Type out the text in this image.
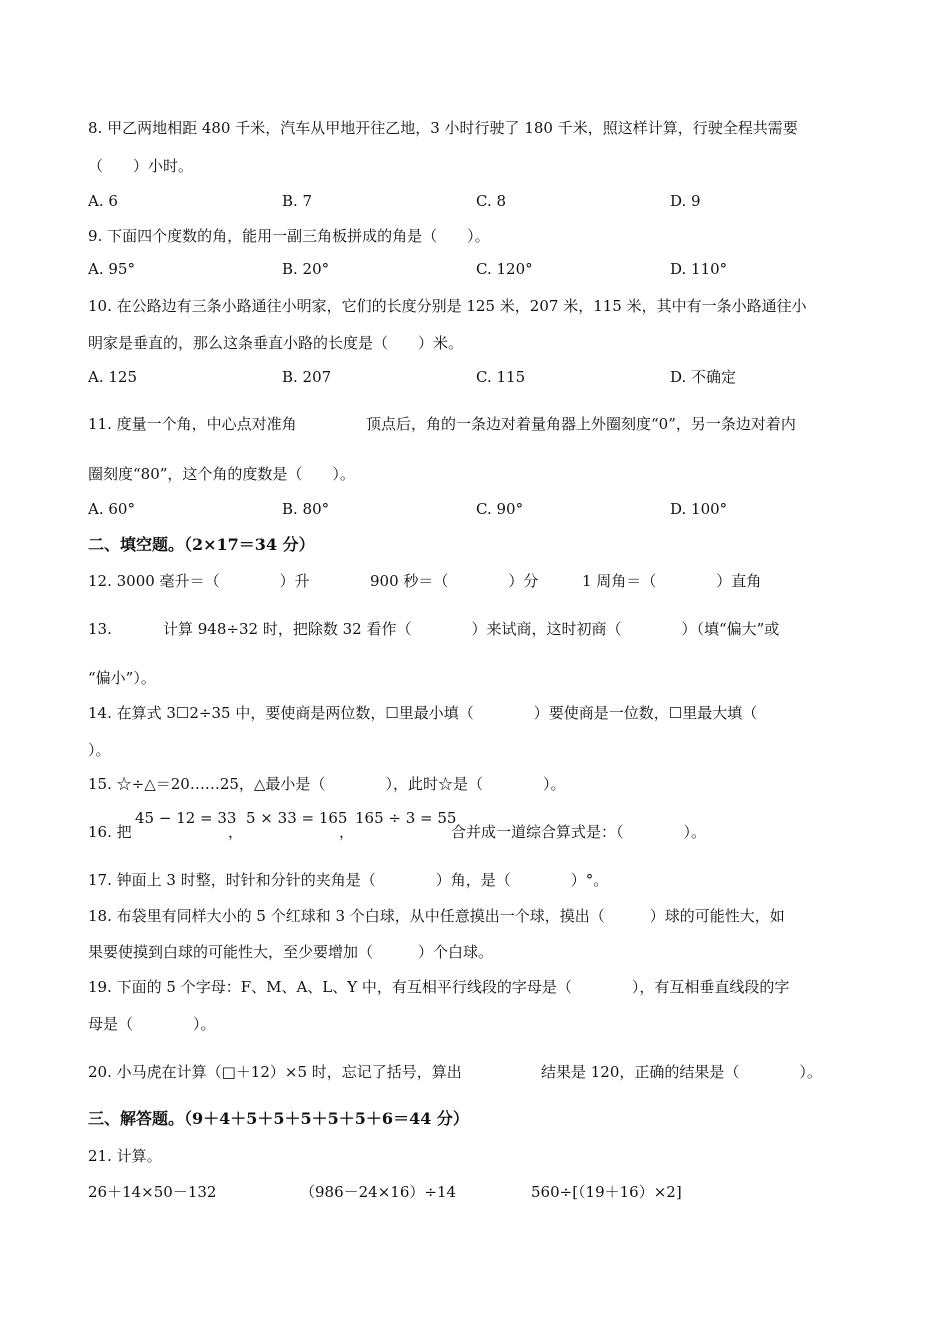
8. 甲乙两地相距 480 千米，汽车从甲地开往乙地，3 小时行驶了 180 千米，照这样计算，行驶全程共需要
（　　）小时。
A. 6	B. 7	C. 8	D. 9
9. 下面四个度数的角，能用一副三角板拼成的角是（　　）。
A. 95°	B. 20°	C. 120°	D. 110°
10. 在公路边有三条小路通往小明家，它们的长度分别是 125 米，207 米，115 米，其中有一条小路通往小
明家是垂直的，那么这条垂直小路的长度是（　　）米。
A. 125	B. 207	C. 115	D. 不确定
11. 度量一个角，中心点对准角	顶点后，角的一条边对着量角器上外圈刻度“0”，另一条边对着内
圈刻度“80”，这个角的度数是（　　）。
A. 60°	B. 80°	C. 90°	D. 100°
二、填空题。（2×17＝34 分）
12. 3000 毫升＝（　　　　）升	900 秒＝（　　　　）分	1 周角＝（　　　　）直角
13.	计算 948÷32 时，把除数 32 看作（　　　　）来试商，这时初商（　　　　）（填“偏大”或
“偏小”）。
14. 在算式 3☐2÷35 中，要使商是两位数，☐里最小填（　　　　）要使商是一位数，☐里最大填（
）。
15. ☆÷△＝20……25，△最小是（　　　　），此时☆是（　　　　）。
16. 把
45 − 12 = 33
，
5 × 33 = 165
，
165 ÷ 3 = 55
合并成一道综合算式是：（　　　　）。
17. 钟面上 3 时整，时针和分针的夹角是（　　　　）角，是（　　　　）°。
18. 布袋里有同样大小的 5 个红球和 3 个白球，从中任意摸出一个球，摸出（　　　）球的可能性大，如
果要使摸到白球的可能性大，至少要增加（　　　）个白球。
19. 下面的 5 个字母：F、M、A、L、Y 中，有互相平行线段的字母是（　　　　），有互相垂直线段的字
母是（　　　　）。
20. 小马虎在计算（□＋12）×5 时，忘记了括号，算出	结果是 120，正确的结果是（　　　　）。
三、解答题。（9＋4＋5＋5＋5＋5＋5＋6＝44 分）
21. 计算。
26＋14×50－132	（986－24×16）÷14	560÷[（19＋16）×2]
